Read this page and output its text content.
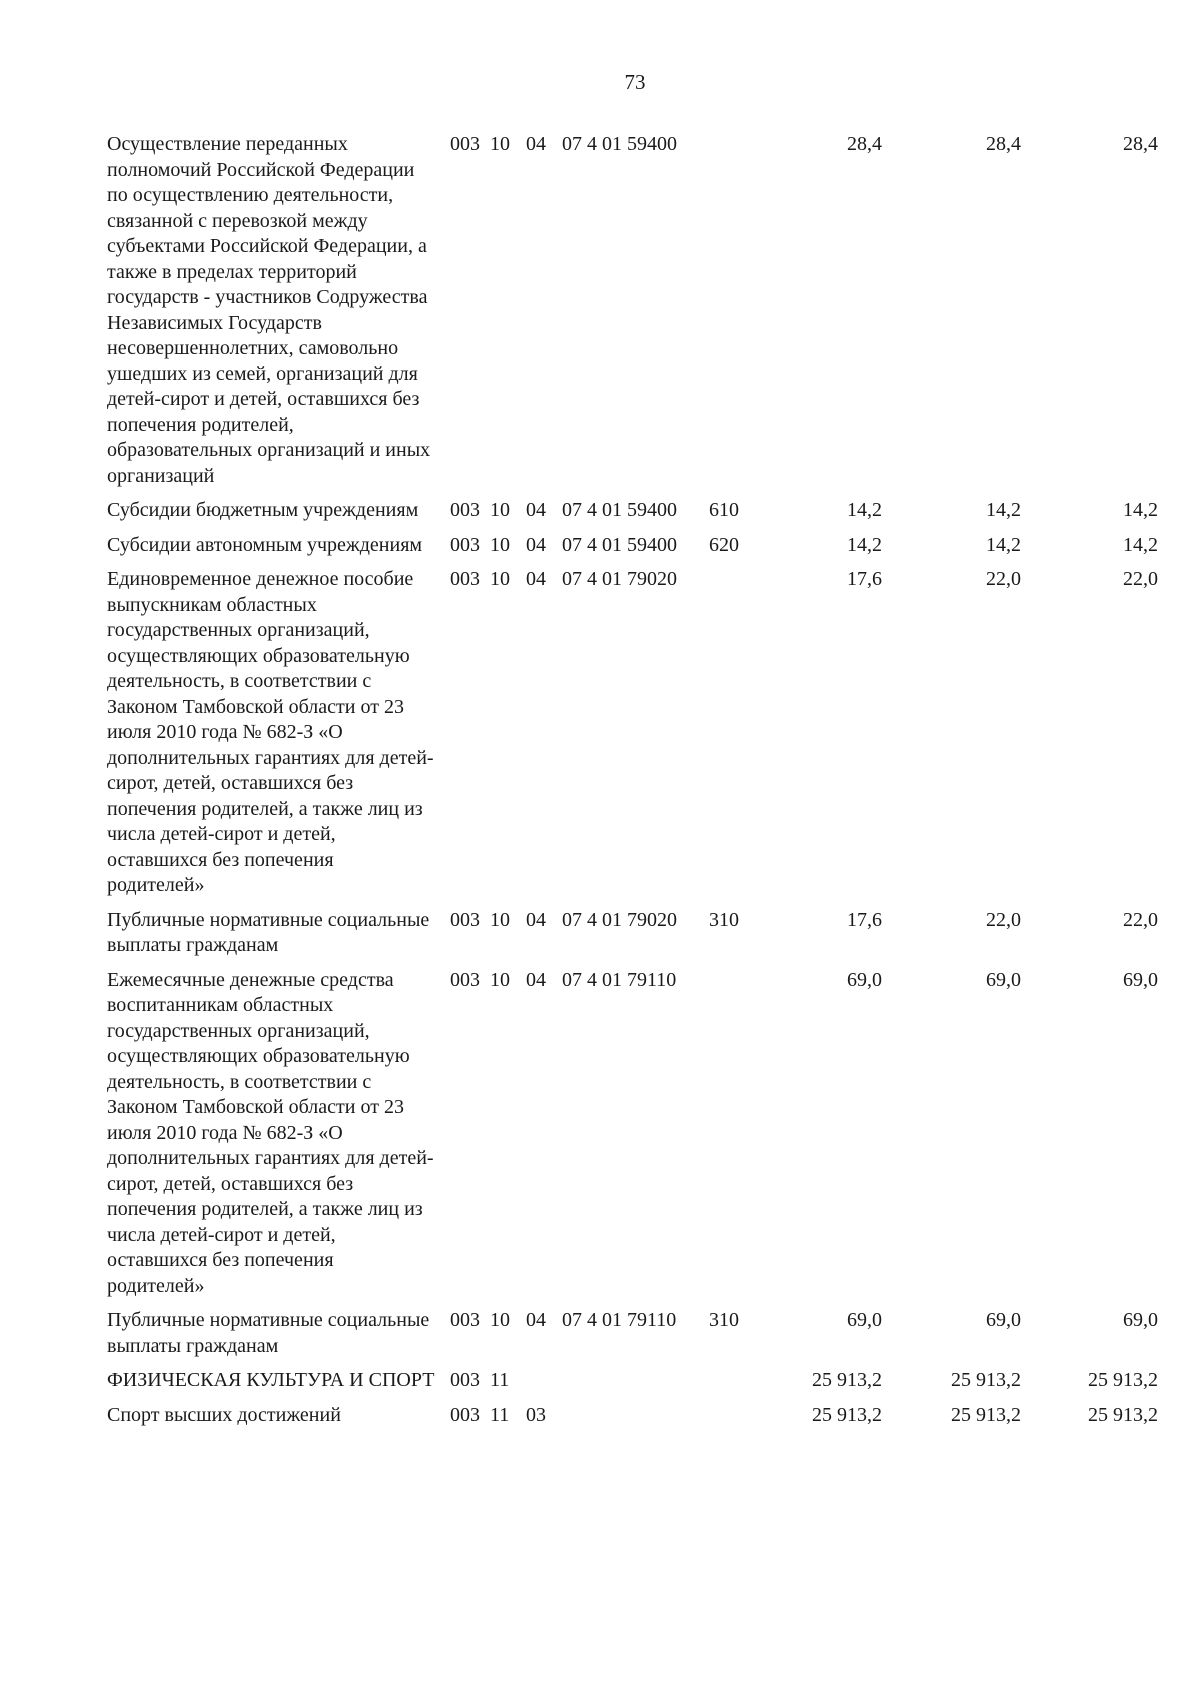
73
Осуществление переданных полномочий Российской Федерации по осуществлению деятельности, связанной с перевозкой между субъектами Российской Федерации, а также в пределах территорий государств - участников Содружества Независимых Государств несовершеннолетних, самовольно ушедших из семей, организаций для детей-сирот и детей, оставшихся без попечения родителей, образовательных организаций и иных организаций	003	10	04	07 4 01 59400		28,4	28,4	28,4
Субсидии бюджетным учреждениям	003	10	04	07 4 01 59400	610	14,2	14,2	14,2
Субсидии автономным учреждениям	003	10	04	07 4 01 59400	620	14,2	14,2	14,2
Единовременное денежное пособие выпускникам областных государственных организаций, осуществляющих образовательную деятельность, в соответствии с Законом Тамбовской области от 23 июля 2010 года № 682-З «О дополнительных гарантиях для детей-сирот, детей, оставшихся без попечения родителей, а также лиц из числа детей-сирот и детей, оставшихся без попечения родителей»	003	10	04	07 4 01 79020		17,6	22,0	22,0
Публичные нормативные социальные выплаты гражданам	003	10	04	07 4 01 79020	310	17,6	22,0	22,0
Ежемесячные денежные средства воспитанникам областных государственных организаций, осуществляющих образовательную деятельность, в соответствии с Законом Тамбовской области от 23 июля 2010 года № 682-З «О дополнительных гарантиях для детей-сирот, детей, оставшихся без попечения родителей, а также лиц из числа детей-сирот и детей, оставшихся без попечения родителей»	003	10	04	07 4 01 79110		69,0	69,0	69,0
Публичные нормативные социальные выплаты гражданам	003	10	04	07 4 01 79110	310	69,0	69,0	69,0
ФИЗИЧЕСКАЯ КУЛЬТУРА И СПОРТ	003	11				25 913,2	25 913,2	25 913,2
Спорт высших достижений	003	11	03			25 913,2	25 913,2	25 913,2
